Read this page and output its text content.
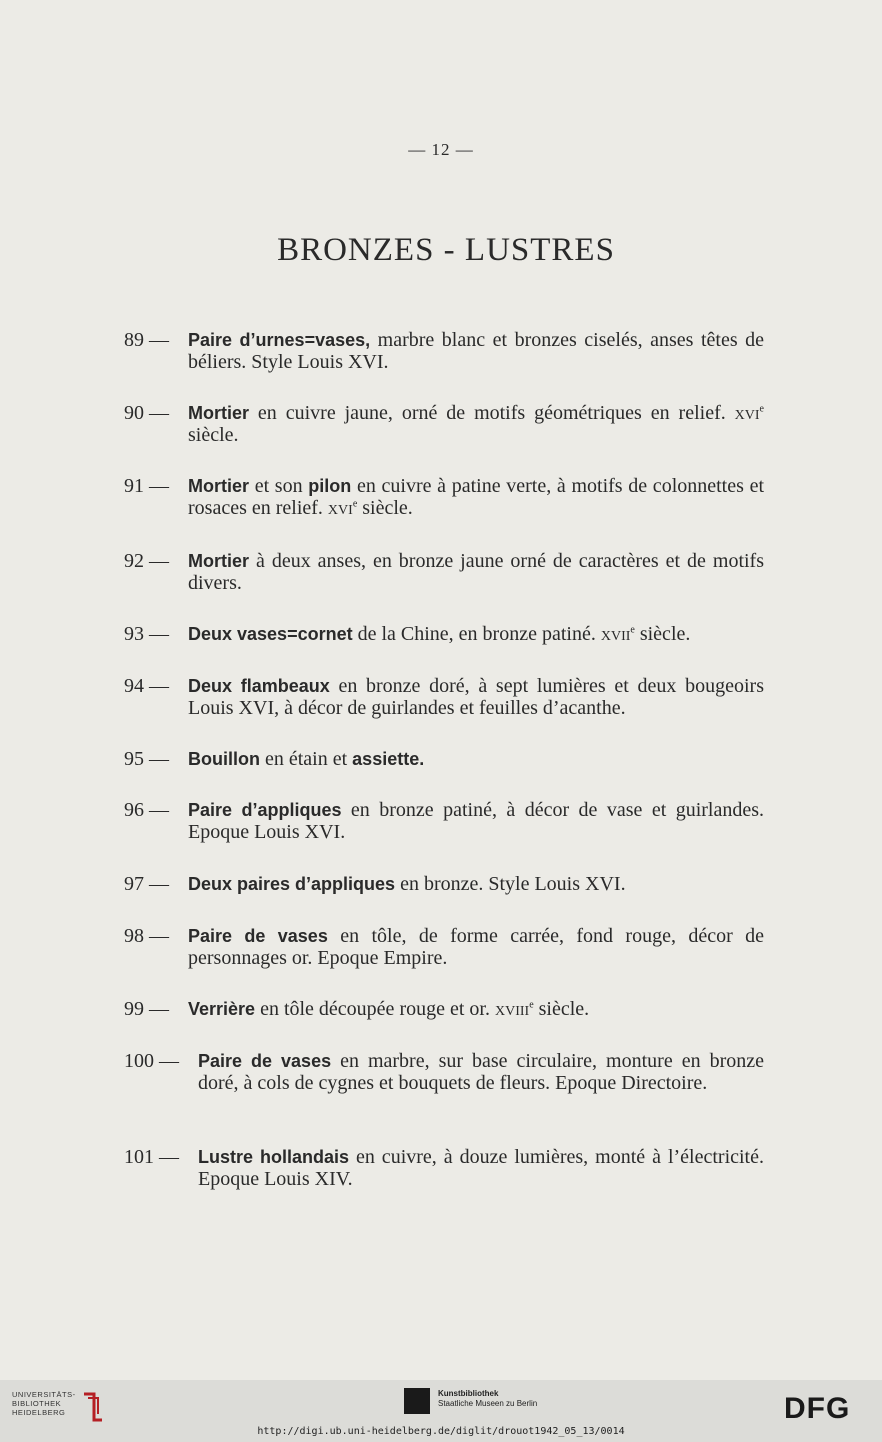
— 12 —
BRONZES - LUSTRES
89 — Paire d’urnes=vases, marbre blanc et bronzes ciselés, anses têtes de béliers. Style Louis XVI.
90 — Mortier en cuivre jaune, orné de motifs géométriques en relief. xvi$^e$ siècle.
91 — Mortier et son pilon en cuivre à patine verte, à motifs de colonnettes et rosaces en relief. xvi$^e$ siècle.
92 — Mortier à deux anses, en bronze jaune orné de caractères et de motifs divers.
93 — Deux vases=cornet de la Chine, en bronze patiné. xvii$^e$ siècle.
94 — Deux flambeaux en bronze doré, à sept lumières et deux bougeoirs Louis XVI, à décor de guirlandes et feuilles d’acanthe.
95 — Bouillon en étain et assiette.
96 — Paire d’appliques en bronze patiné, à décor de vase et guirlandes. Epoque Louis XVI.
97 — Deux paires d’appliques en bronze. Style Louis XVI.
98 — Paire de vases en tôle, de forme carrée, fond rouge, décor de personnages or. Epoque Empire.
99 — Verrière en tôle découpée rouge et or. xviii$^e$ siècle.
100 — Paire de vases en marbre, sur base circulaire, monture en bronze doré, à cols de cygnes et bouquets de fleurs. Epoque Directoire.
101 — Lustre hollandais en cuivre, à douze lumières, monté à l’électricité. Epoque Louis XIV.
UNIVERSITÄTS-
BIBLIOTHEK
HEIDELBERG
Kunstbibliothek
Staatliche Museen zu Berlin	DFG
http://digi.ub.uni-heidelberg.de/diglit/drouot1942_05_13/0014
